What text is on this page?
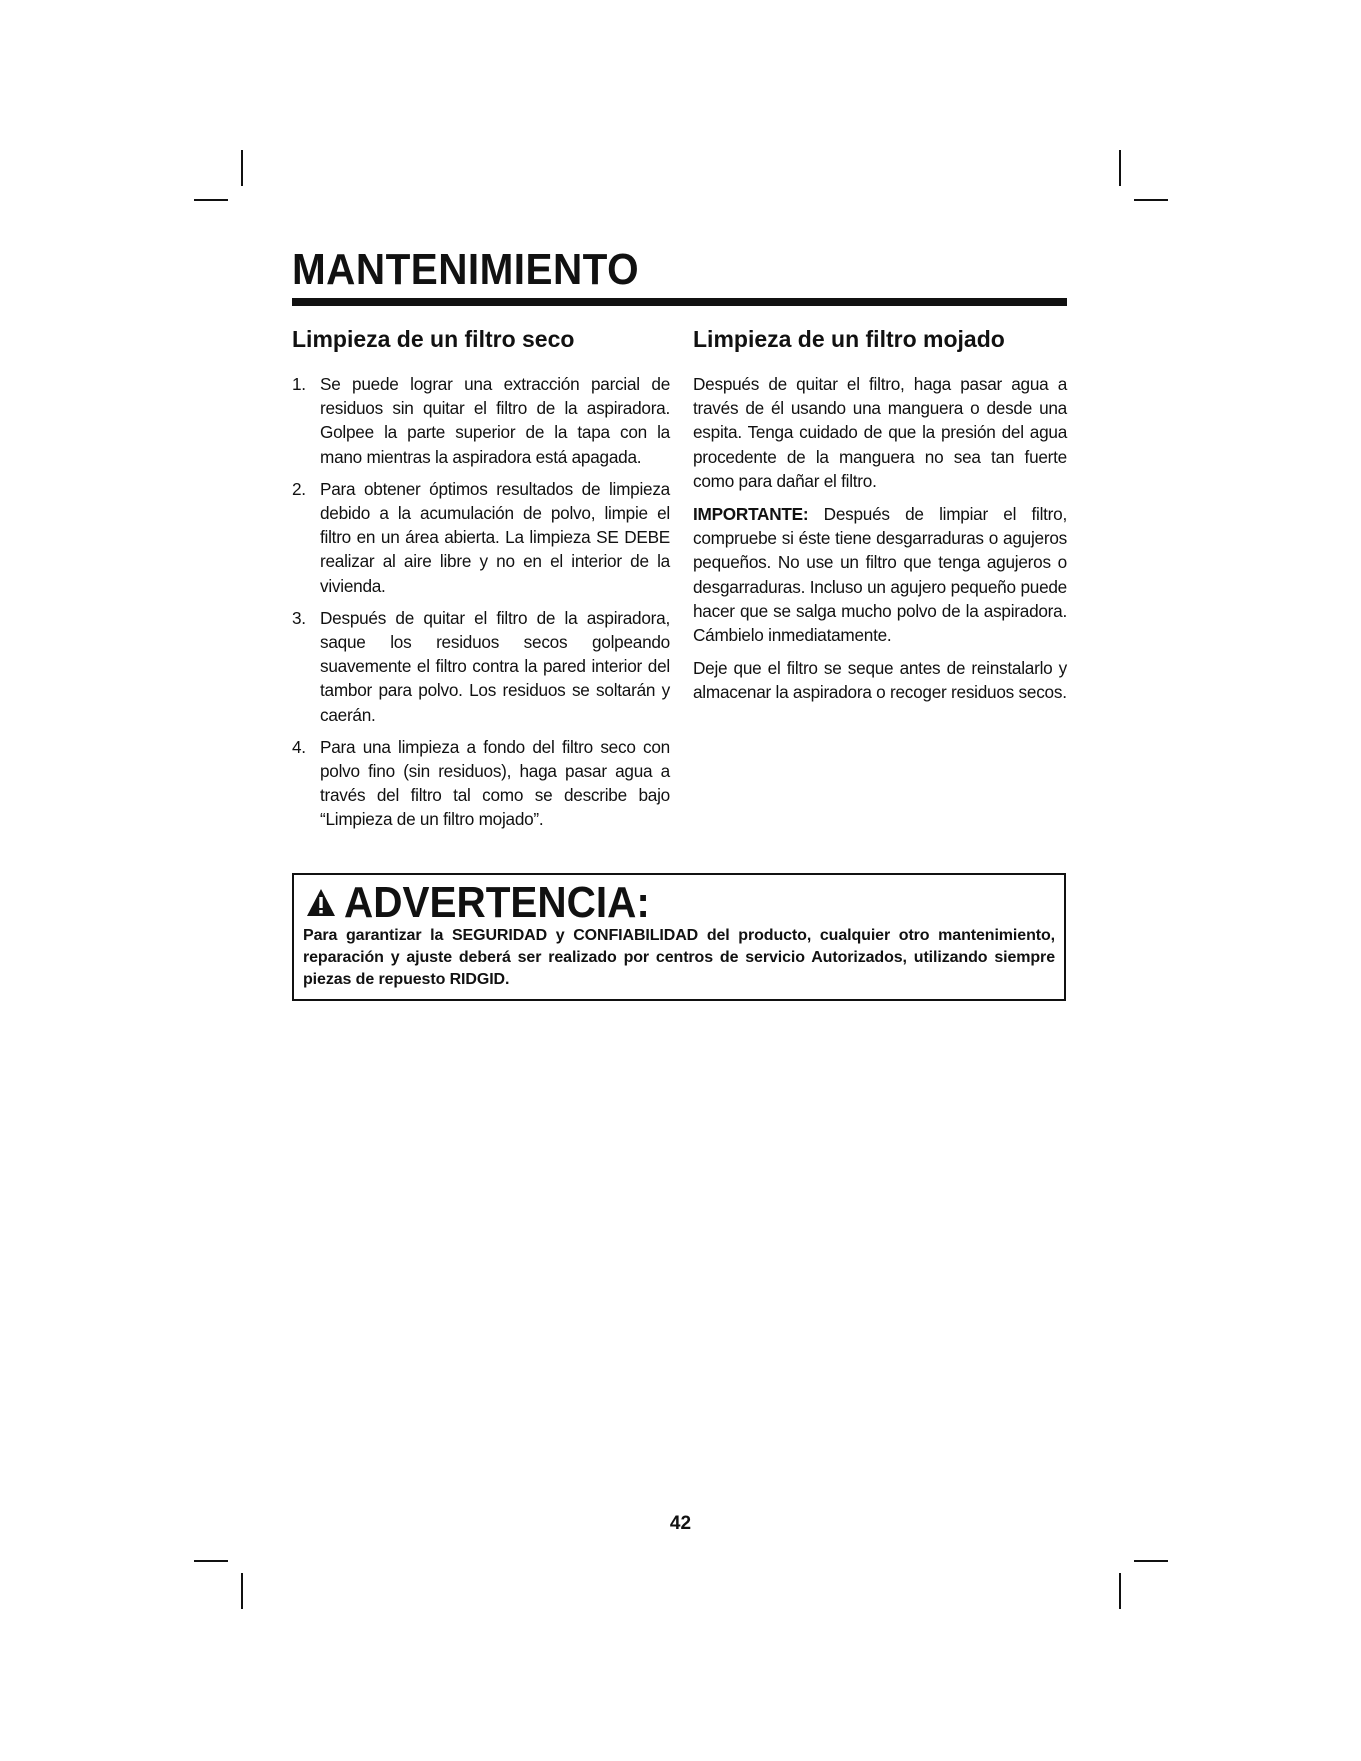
MANTENIMIENTO
Limpieza de un filtro seco
1. Se puede lograr una extracción parcial de residuos sin quitar el filtro de la aspiradora. Golpee la parte superior de la tapa con la mano mientras la aspiradora está apagada.
2. Para obtener óptimos resultados de limpieza debido a la acumulación de polvo, limpie el filtro en un área abierta. La limpieza SE DEBE realizar al aire libre y no en el interior de la vivienda.
3. Después de quitar el filtro de la aspiradora, saque los residuos secos golpeando suavemente el filtro contra la pared interior del tambor para polvo. Los residuos se soltarán y caerán.
4. Para una limpieza a fondo del filtro seco con polvo fino (sin residuos), haga pasar agua a través del filtro tal como se describe bajo “Limpieza de un filtro mojado”.
Limpieza de un filtro mojado

Después de quitar el filtro, haga pasar agua a través de él usando una manguera o desde una espita. Tenga cuidado de que la presión del agua procedente de la manguera no sea tan fuerte como para dañar el filtro.

IMPORTANTE: Después de limpiar el filtro, compruebe si éste tiene desgarraduras o agujeros pequeños. No use un filtro que tenga agujeros o desgarraduras. Incluso un agujero pequeño puede hacer que se salga mucho polvo de la aspiradora. Cámbielo inmediatamente.

Deje que el filtro se seque antes de reinstalarlo y almacenar la aspiradora o recoger residuos secos.

ADVERTENCIA:

Para garantizar la SEGURIDAD y CONFIABILIDAD del producto, cualquier otro mantenimiento, reparación y ajuste deberá ser realizado por centros de servicio Autorizados, utilizando siempre piezas de repuesto RIDGID.

42
